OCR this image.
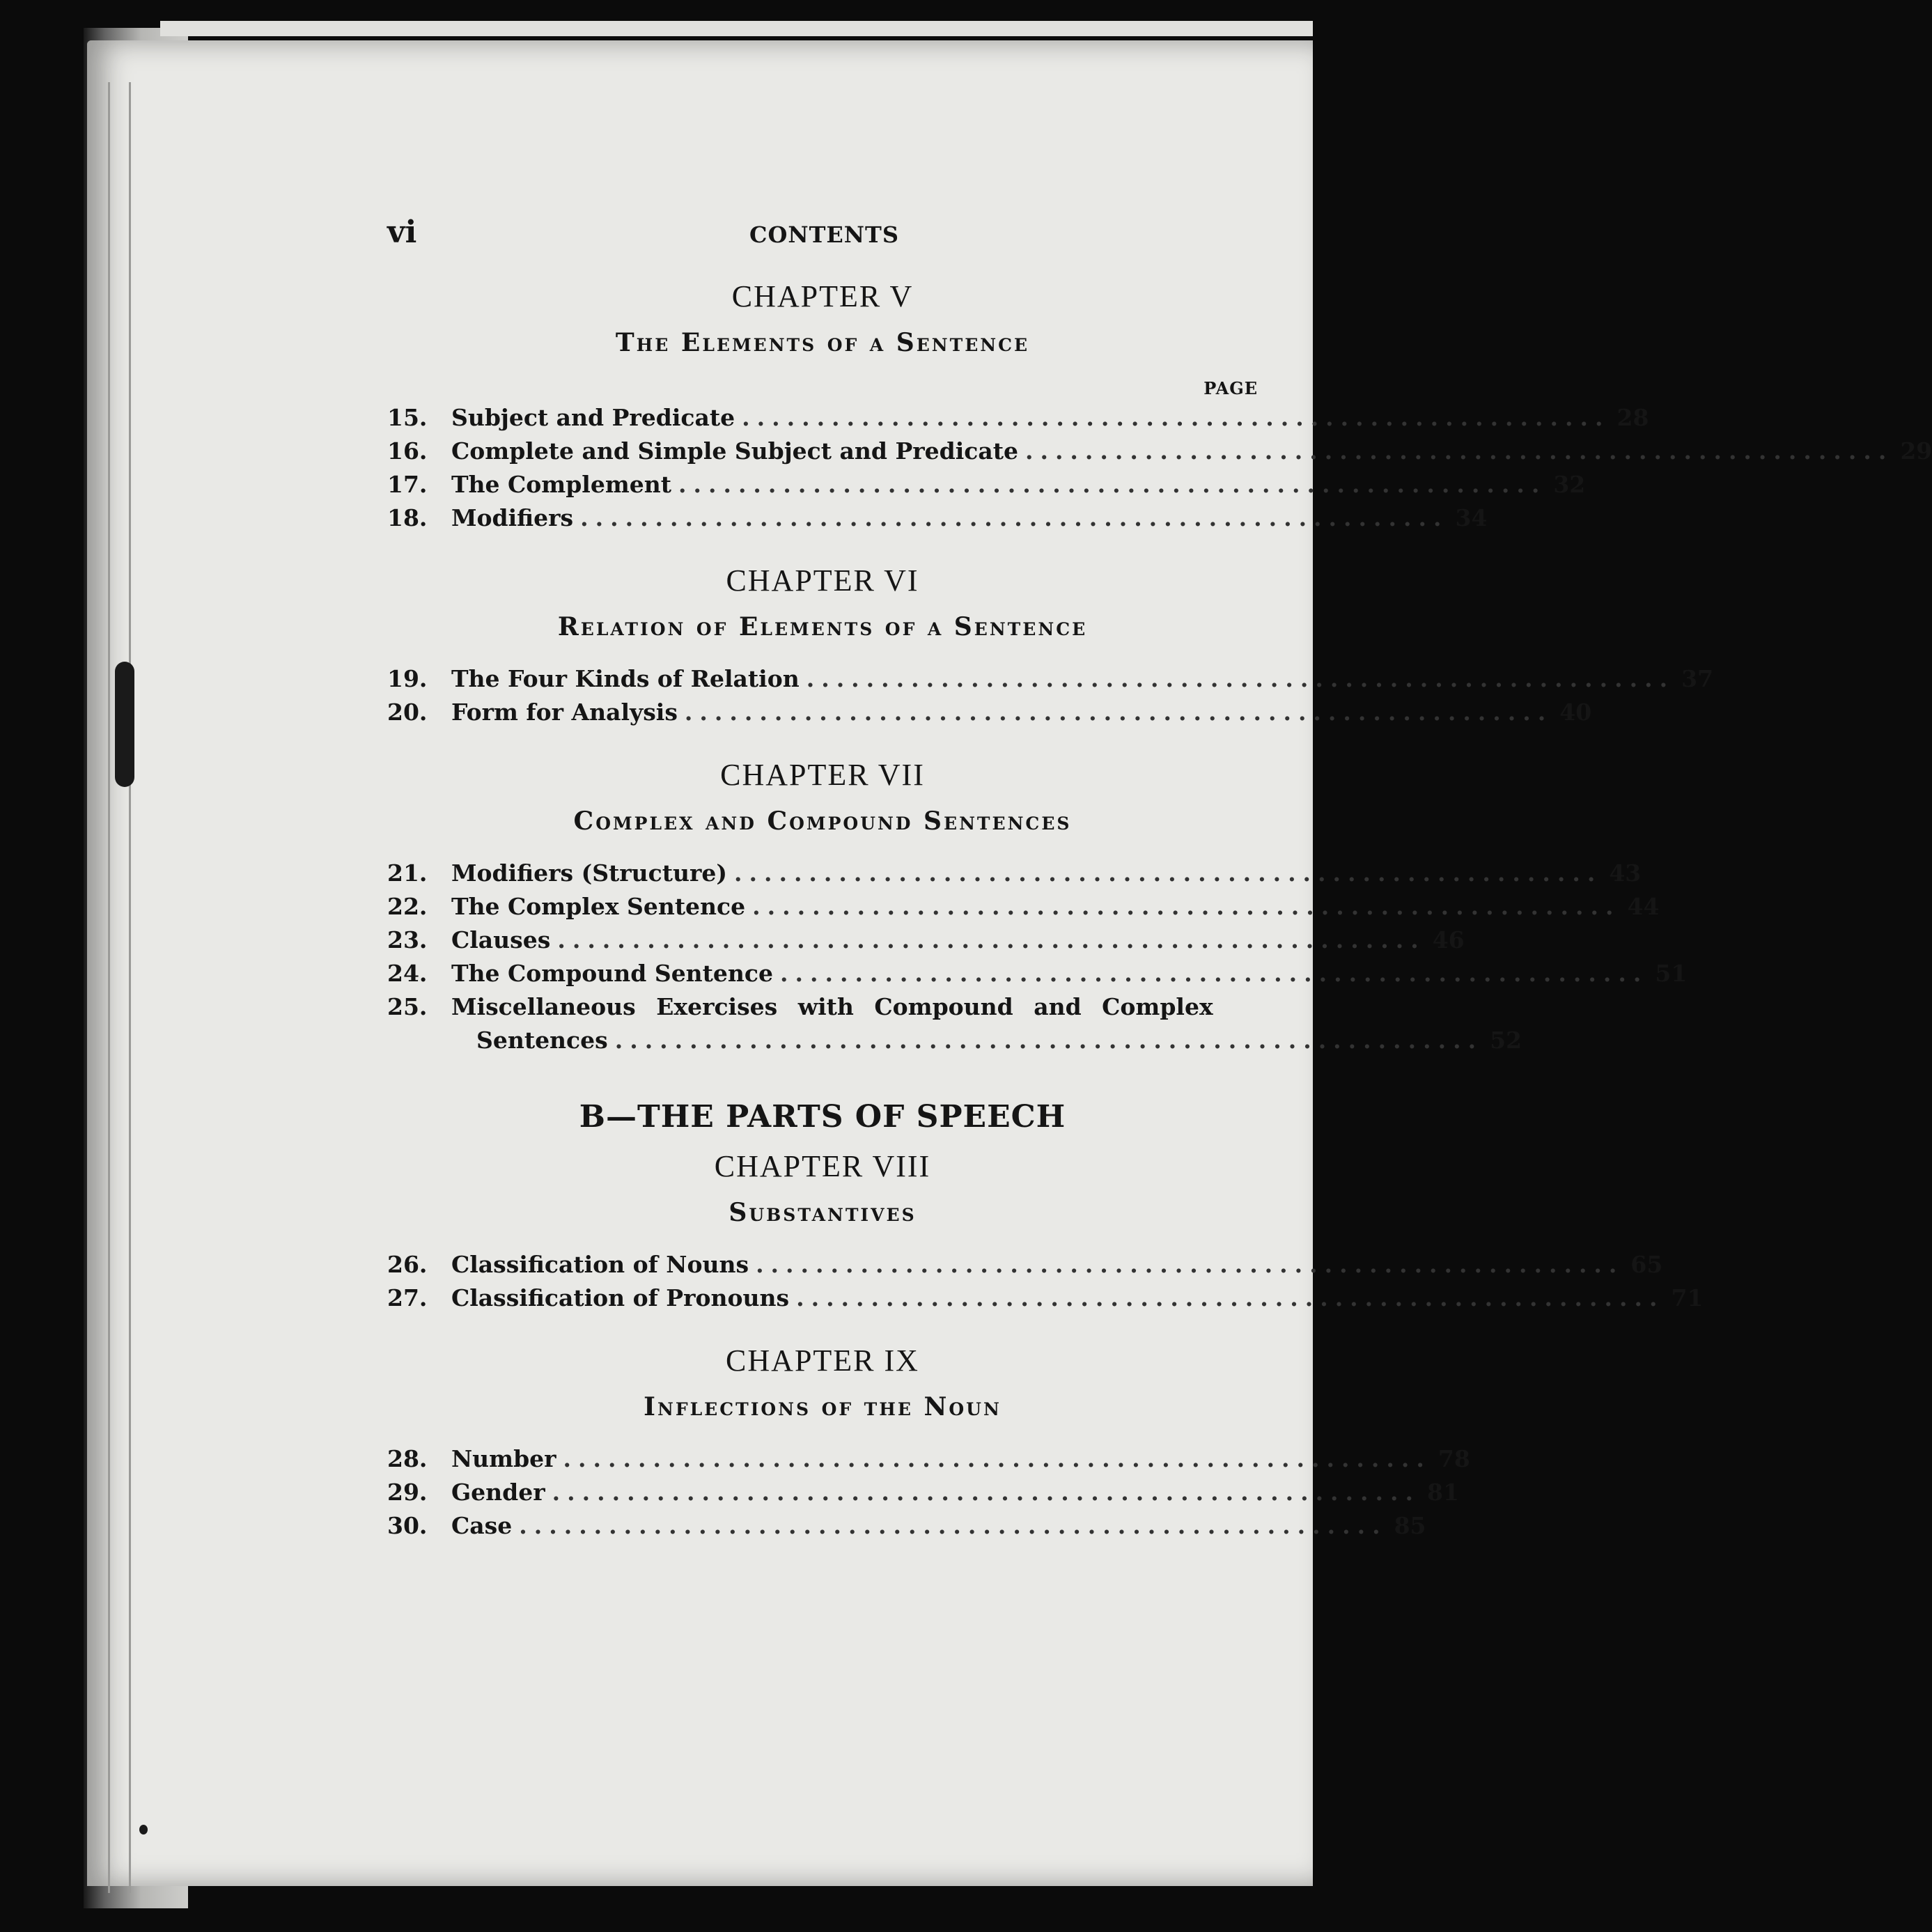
vi	CONTENTS
CHAPTER V
The Elements of a Sentence
PAGE
15.	Subject and Predicate .......................................................... 28
16.	Complete and Simple Subject and Predicate .......................................................... 29
17.	The Complement .......................................................... 32
18.	Modifiers .......................................................... 34
CHAPTER VI
Relation of Elements of a Sentence
19.	The Four Kinds of Relation .......................................................... 37
20.	Form for Analysis .......................................................... 40
CHAPTER VII
Complex and Compound Sentences
21.	Modifiers (Structure) .......................................................... 43
22.	The Complex Sentence .......................................................... 44
23.	Clauses .......................................................... 46
24.	The Compound Sentence .......................................................... 51
25.	Miscellaneous Exercises with Compound and Complex
Sentences .......................................................... 52
B—THE PARTS OF SPEECH
CHAPTER VIII
Substantives
26.	Classification of Nouns .......................................................... 65
27.	Classification of Pronouns .......................................................... 71
CHAPTER IX
Inflections of the Noun
28.	Number .......................................................... 78
29.	Gender .......................................................... 81
30.	Case .......................................................... 85
